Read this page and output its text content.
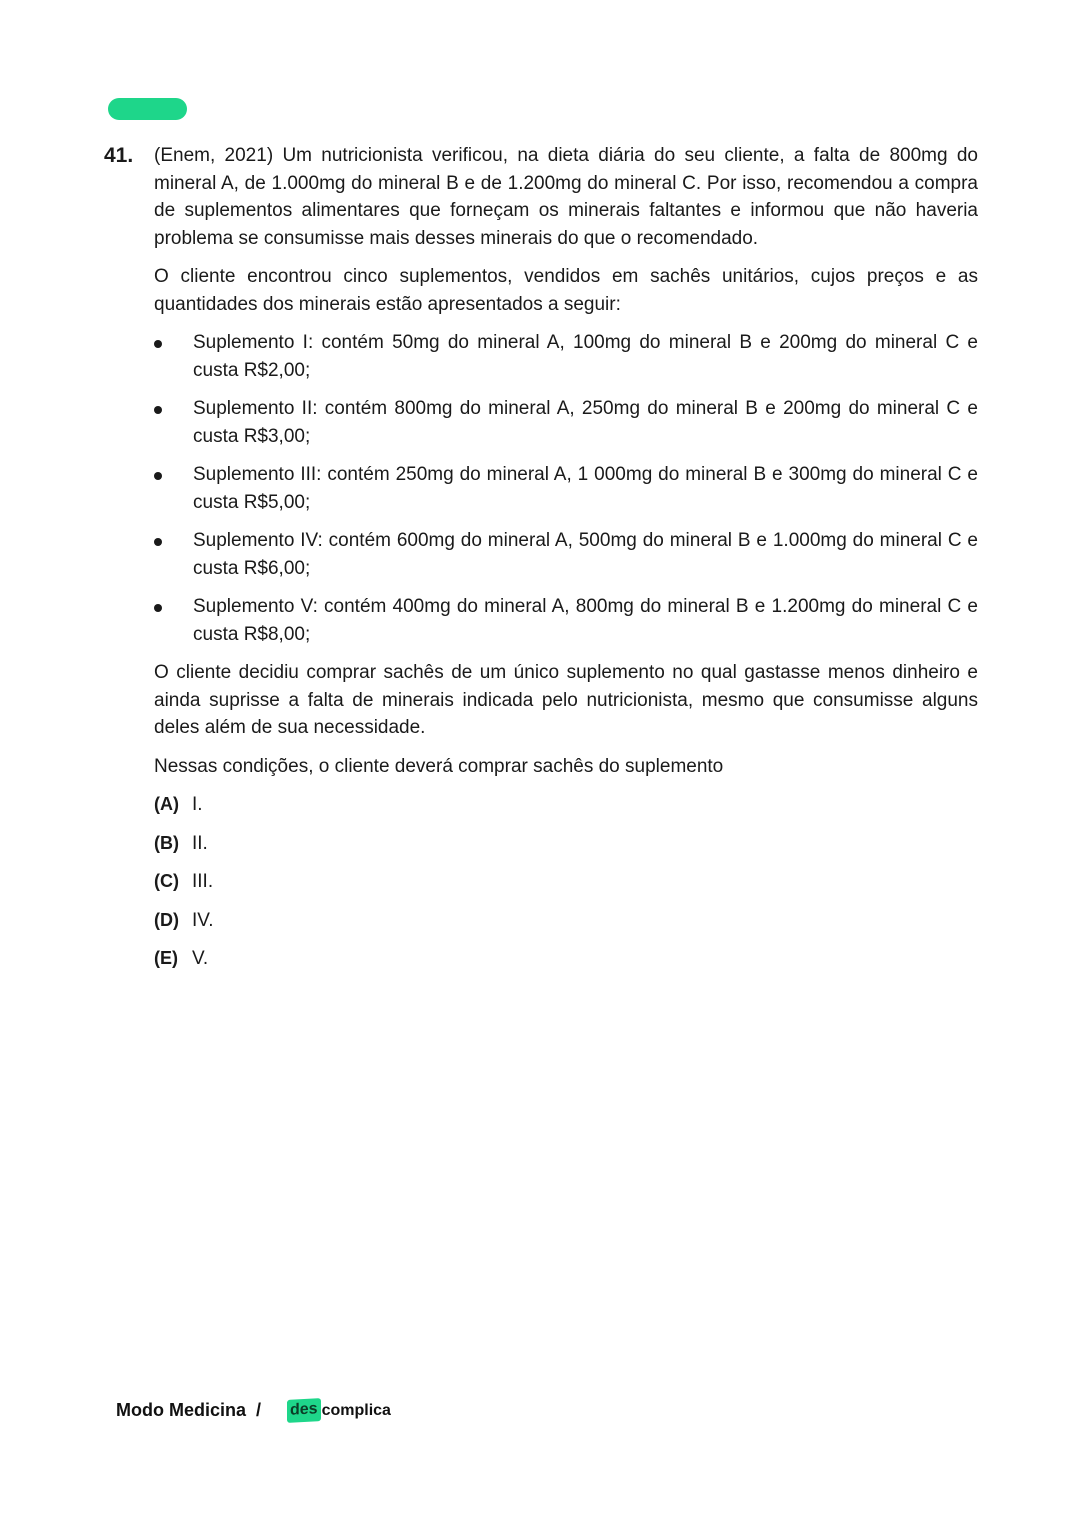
41. (Enem, 2021) Um nutricionista verificou, na dieta diária do seu cliente, a falta de 800mg do mineral A, de 1.000mg do mineral B e de 1.200mg do mineral C. Por isso, recomendou a compra de suplementos alimentares que forneçam os minerais faltantes e informou que não haveria problema se consumisse mais desses minerais do que o recomendado.

O cliente encontrou cinco suplementos, vendidos em sachês unitários, cujos preços e as quantidades dos minerais estão apresentados a seguir:

Suplemento I: contém 50mg do mineral A, 100mg do mineral B e 200mg do mineral C e custa R$2,00;
Suplemento II: contém 800mg do mineral A, 250mg do mineral B e 200mg do mineral C e custa R$3,00;
Suplemento III: contém 250mg do mineral A, 1 000mg do mineral B e 300mg do mineral C e custa R$5,00;
Suplemento IV: contém 600mg do mineral A, 500mg do mineral B e 1.000mg do mineral C e custa R$6,00;
Suplemento V: contém 400mg do mineral A, 800mg do mineral B e 1.200mg do mineral C e custa R$8,00;

O cliente decidiu comprar sachês de um único suplemento no qual gastasse menos dinheiro e ainda suprisse a falta de minerais indicada pelo nutricionista, mesmo que consumisse alguns deles além de sua necessidade.

Nessas condições, o cliente deverá comprar sachês do suplemento

(A) I.
(B) II.
(C) III.
(D) IV.
(E) V.
Modo Medicina / des complica
